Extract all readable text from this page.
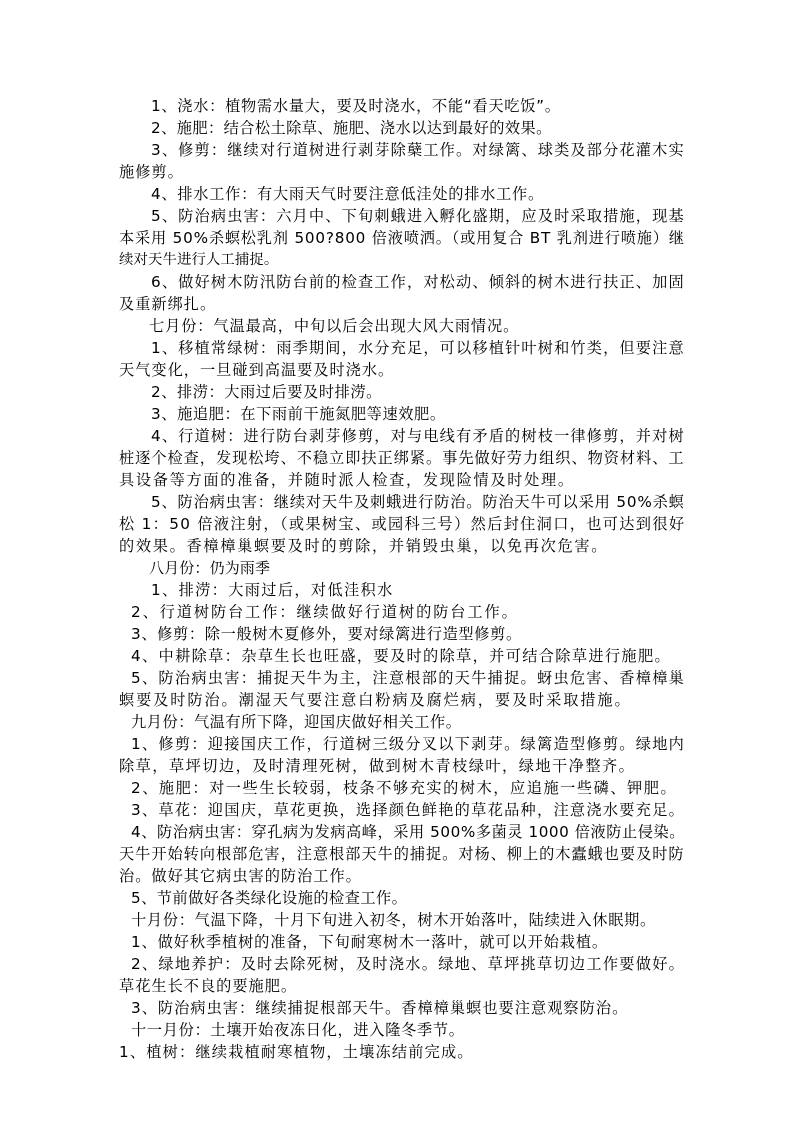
1、浇水：植物需水量大，要及时浇水，不能“看天吃饭”。
2、施肥：结合松土除草、施肥、浇水以达到最好的效果。
3、修剪：继续对行道树进行剥芽除蘖工作。对绿篱、球类及部分花灌木实
施修剪。
4、排水工作：有大雨天气时要注意低洼处的排水工作。
5、防治病虫害：六月中、下旬刺蛾进入孵化盛期，应及时采取措施，现基
本采用 50%杀螟松乳剂 500?800 倍液喷洒。（或用复合 BT 乳剂进行喷施）继
续对天牛进行人工捕捉。
6、做好树木防汛防台前的检查工作，对松动、倾斜的树木进行扶正、加固
及重新绑扎。
七月份：气温最高，中旬以后会出现大风大雨情况。
1、移植常绿树：雨季期间，水分充足，可以移植针叶树和竹类，但要注意
天气变化，一旦碰到高温要及时浇水。
2、排涝：大雨过后要及时排涝。
3、施追肥：在下雨前干施氮肥等速效肥。
4、行道树：进行防台剥芽修剪，对与电线有矛盾的树枝一律修剪，并对树
桩逐个检查，发现松垮、不稳立即扶正绑紧。事先做好劳力组织、物资材料、工
具设备等方面的准备，并随时派人检查，发现险情及时处理。
5、防治病虫害：继续对天牛及刺蛾进行防治。防治天牛可以采用 50%杀螟
松 1：50 倍液注射，（或果树宝、或园科三号）然后封住洞口，也可达到很好
的效果。香樟樟巢螟要及时的剪除，并销毁虫巢，以免再次危害。
八月份：仍为雨季
1、排涝：大雨过后，对低洼积水
2、行道树防台工作：继续做好行道树的防台工作。
3、修剪：除一般树木夏修外，要对绿篱进行造型修剪。
4、中耕除草：杂草生长也旺盛，要及时的除草，并可结合除草进行施肥。
5、防治病虫害：捕捉天牛为主，注意根部的天牛捕捉。蚜虫危害、香樟樟巢
螟要及时防治。潮湿天气要注意白粉病及腐烂病，要及时采取措施。
九月份：气温有所下降，迎国庆做好相关工作。
1、修剪：迎接国庆工作，行道树三级分叉以下剥芽。绿篱造型修剪。绿地内
除草，草坪切边，及时清理死树，做到树木青枝绿叶，绿地干净整齐。
2、施肥：对一些生长较弱，枝条不够充实的树木，应追施一些磷、钾肥。
3、草花：迎国庆，草花更换，选择颜色鲜艳的草花品种，注意浇水要充足。
4、防治病虫害：穿孔病为发病高峰，采用 500%多菌灵 1000 倍液防止侵染。
天牛开始转向根部危害，注意根部天牛的捕捉。对杨、柳上的木蠹蛾也要及时防
治。做好其它病虫害的防治工作。
5、节前做好各类绿化设施的检查工作。
十月份：气温下降，十月下旬进入初冬，树木开始落叶，陆续进入休眠期。
1、做好秋季植树的准备，下旬耐寒树木一落叶，就可以开始栽植。
2、绿地养护：及时去除死树，及时浇水。绿地、草坪挑草切边工作要做好。
草花生长不良的要施肥。
3、防治病虫害：继续捕捉根部天牛。香樟樟巢螟也要注意观察防治。
十一月份：土壤开始夜冻日化，进入隆冬季节。
1、植树：继续栽植耐寒植物，土壤冻结前完成。
